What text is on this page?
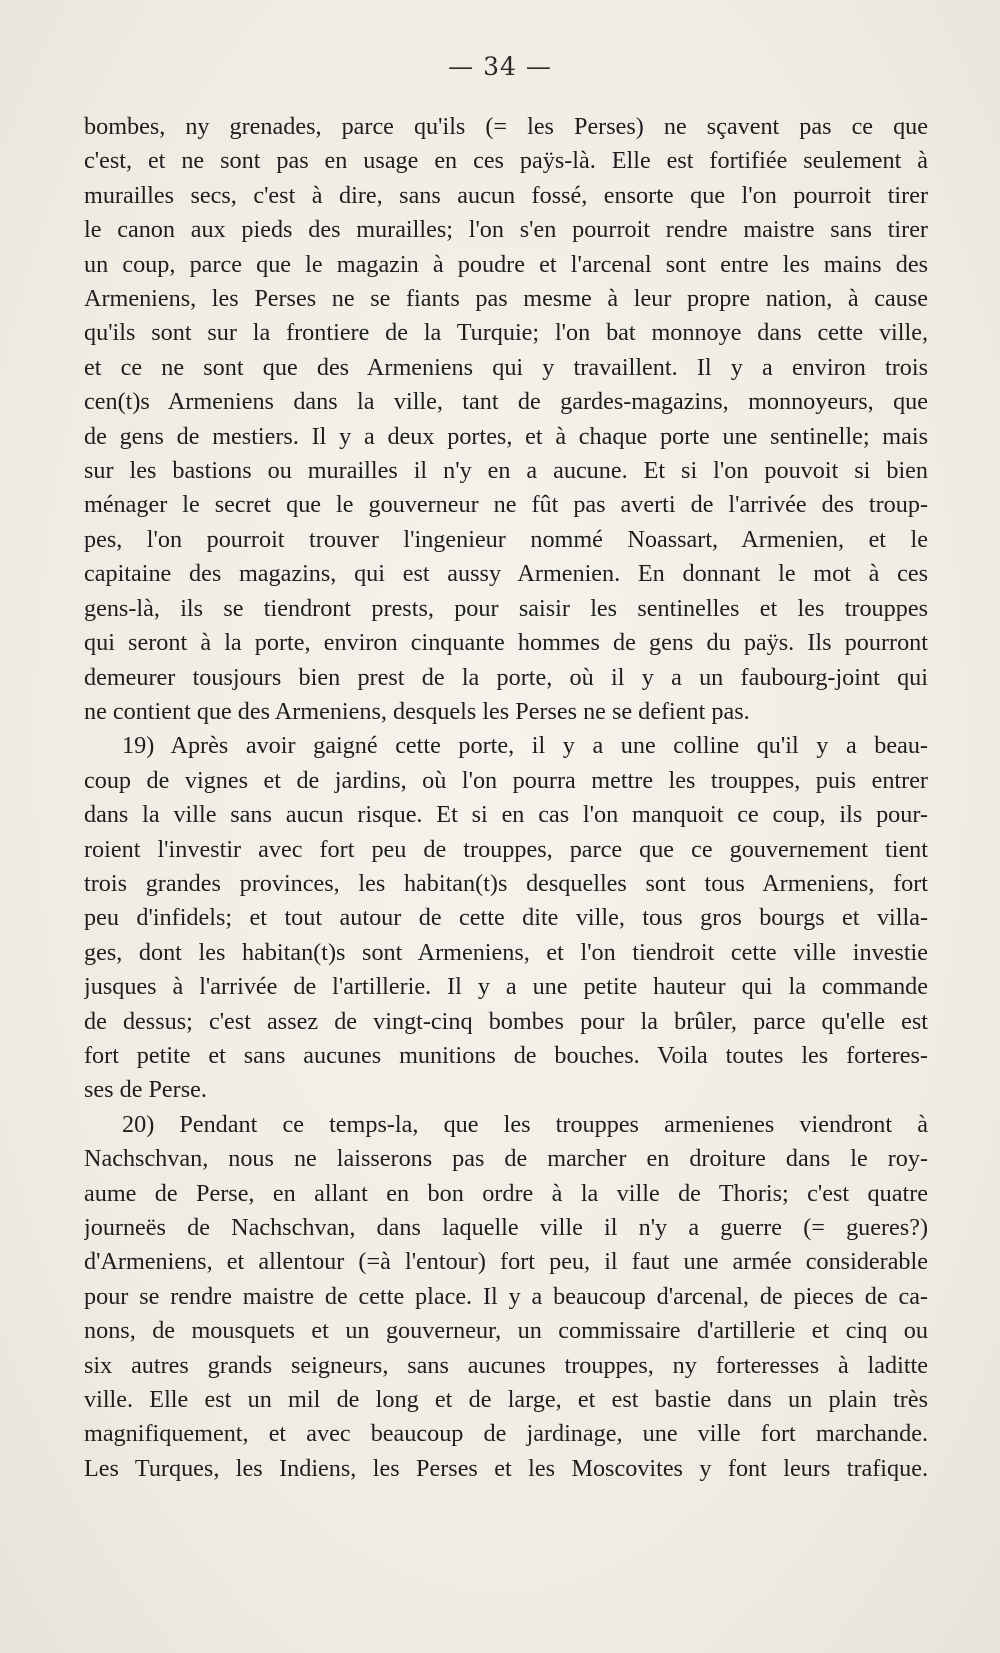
— 34 —
bombes, ny grenades, parce qu'ils (= les Perses) ne sçavent pas ce que
c'est, et ne sont pas en usage en ces paÿs-là. Elle est fortifiée seulement à
murailles secs, c'est à dire, sans aucun fossé, ensorte que l'on pourroit tirer
le canon aux pieds des murailles; l'on s'en pourroit rendre maistre sans tirer
un coup, parce que le magazin à poudre et l'arcenal sont entre les mains des
Armeniens, les Perses ne se fiants pas mesme à leur propre nation, à cause
qu'ils sont sur la frontiere de la Turquie; l'on bat monnoye dans cette ville,
et ce ne sont que des Armeniens qui y travaillent. Il y a environ trois
cen(t)s Armeniens dans la ville, tant de gardes-magazins, monnoyeurs, que
de gens de mestiers. Il y a deux portes, et à chaque porte une sentinelle; mais
sur les bastions ou murailles il n'y en a aucune. Et si l'on pouvoit si bien
ménager le secret que le gouverneur ne fût pas averti de l'arrivée des troup-
pes, l'on pourroit trouver l'ingenieur nommé Noassart, Armenien, et le
capitaine des magazins, qui est aussy Armenien. En donnant le mot à ces
gens-là, ils se tiendront prests, pour saisir les sentinelles et les trouppes
qui seront à la porte, environ cinquante hommes de gens du paÿs. Ils pourront
demeurer tousjours bien prest de la porte, où il y a un faubourg-joint qui
ne contient que des Armeniens, desquels les Perses ne se defient pas.
19) Après avoir gaigné cette porte, il y a une colline qu'il y a beau-
coup de vignes et de jardins, où l'on pourra mettre les trouppes, puis entrer
dans la ville sans aucun risque. Et si en cas l'on manquoit ce coup, ils pour-
roient l'investir avec fort peu de trouppes, parce que ce gouvernement tient
trois grandes provinces, les habitan(t)s desquelles sont tous Armeniens, fort
peu d'infidels; et tout autour de cette dite ville, tous gros bourgs et villa-
ges, dont les habitan(t)s sont Armeniens, et l'on tiendroit cette ville investie
jusques à l'arrivée de l'artillerie. Il y a une petite hauteur qui la commande
de dessus; c'est assez de vingt-cinq bombes pour la brûler, parce qu'elle est
fort petite et sans aucunes munitions de bouches. Voila toutes les forteres-
ses de Perse.
20) Pendant ce temps-la, que les trouppes armenienes viendront à
Nachschvan, nous ne laisserons pas de marcher en droiture dans le roy-
aume de Perse, en allant en bon ordre à la ville de Thoris; c'est quatre
journeës de Nachschvan, dans laquelle ville il n'y a guerre (= gueres?)
d'Armeniens, et allentour (=à l'entour) fort peu, il faut une armée considerable
pour se rendre maistre de cette place. Il y a beaucoup d'arcenal, de pieces de ca-
nons, de mousquets et un gouverneur, un commissaire d'artillerie et cinq ou
six autres grands seigneurs, sans aucunes trouppes, ny forteresses à laditte
ville. Elle est un mil de long et de large, et est bastie dans un plain très
magnifiquement, et avec beaucoup de jardinage, une ville fort marchande.
Les Turques, les Indiens, les Perses et les Moscovites y font leurs trafique.
